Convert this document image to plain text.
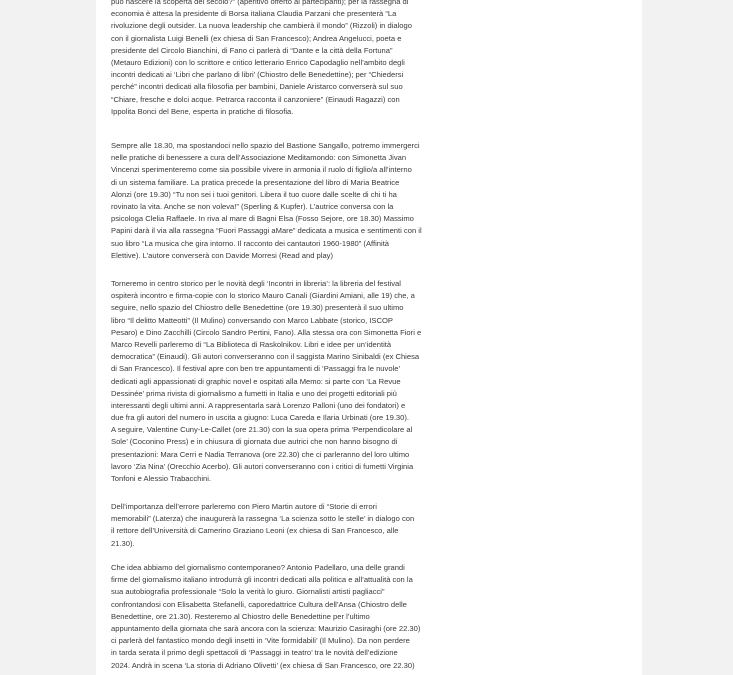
può nascere la scoperta del secolo?” (aperitivo offerto ai partecipanti); per la rassegna di
economia è attesa la presidente di Borsa italiana Claudia Parzani che presenterà “La
rivoluzione degli outsider. La nuova leadership che cambierà il mondo” (Rizzoli) in dialogo
con il giornalista Luigi Benelli (ex chiesa di San Francesco); Andrea Angelucci, poeta e
presidente del Circolo Bianchini, di Fano ci parlerà di “Dante e la città della Fortuna”
(Metauro Edizioni) con lo scrittore e critico letterario Enrico Capodaglio nell’ambito degli
incontri dedicati ai ‘Libri che parlano di libri’ (Chiostro delle Benedettine); per “Chiedersi
perché” incontri dedicati alla filosofia per bambini, Daniele Aristarco converserà sul suo
“Chiare, fresche e dolci acque. Petrarca racconta il canzoniere” (Einaudi Ragazzi) con
Ippolita Bonci del Bene, esperta in pratiche di filosofia.

Sempre alle 18.30, ma spostandoci nello spazio del Bastione Sangallo, potremo immergerci
nelle pratiche di benessere a cura dell’Associazione Meditamondo: con Simonetta Jivan
Vincenzi sperimenteremo come sia possibile vivere in armonia il ruolo di figlio/a all’interno
di un sistema familiare. La pratica precede la presentazione del libro di Maria Beatrice
Alonzi (ore 19.30) “Tu non sei i tuoi genitori. Libera il tuo cuore dalle scelte di chi ti ha
rovinato la vita. Anche se non voleva!” (Sperling & Kupfer). L’autrice conversa con la
psicologa Clelia Raffaele. In riva al mare di Bagni Elsa (Fosso Sejore, ore 18.30) Massimo
Papini darà il via alla rassegna “Fuori Passaggi aMare” dedicata a musica e sentimenti con il
suo libro “La musica che gira intorno. Il racconto dei cantautori 1960-1980” (Affinità
Elettive). L’autore converserà con Davide Morresi (Read and play)

Torneremo in centro storico per le novità degli ‘Incontri in libreria’: la libreria del festival
ospiterà incontro e firma-copie con lo storico Mauro Canali (Giardini Amiani, alle 19) che, a
seguire, nello spazio del Chiostro delle Benedettine (ore 19.30) presenterà il suo ultimo
libro “Il delitto Matteotti” (Il Mulino) conversando con Marco Labbate (storico, ISCOP
Pesaro) e Dino Zacchilli (Circolo Sandro Pertini, Fano). Alla stessa ora con Simonetta Fiori e
Marco Revelli parleremo di “La Biblioteca di Raskolnikov. Libri e idee per un’identità
democratica” (Einaudi). Gli autori converseranno con il saggista Marino Sinibaldi (ex Chiesa
di San Francesco). Il festival apre con ben tre appuntamenti di ‘Passaggi fra le nuvole’
dedicati agli appassionati di graphic novel e ospitati alla Memo: si parte con ‘La Revue
Dessinée’ prima rivista di giornalismo a fumetti in Italia e uno dei progetti editoriali più
interessanti degli ultimi anni. A rappresentarla sarà Lorenzo Palloni (uno dei fondatori) e
due fra gli autori del numero in uscita a giugno: Luca Careda e Ilaria Urbinati (ore 19.30).
A seguire, Valentine Cuny-Le-Callet (ore 21.30) con la sua opera prima ‘Perpendicolare al
Sole’ (Coconino Press) e in chiusura di giornata due autrici che non hanno bisogno di
presentazioni: Mara Cerri e Nadia Terranova (ore 22.30) che ci parleranno del loro ultimo
lavoro ‘Zia Nina’ (Orecchio Acerbo). Gli autori converseranno con i critici di fumetti Virginia
Tonfoni e Alessio Trabacchini.

Dell’importanza dell’errore parleremo con Piero Martin autore di “Storie di errori
memorabili” (Laterza) che inaugurerà la rassegna ‘La scienza sotto le stelle’ in dialogo con
il rettore dell’Università di Camerino Graziano Leoni (ex chiesa di San Francesco, alle
21.30).

Che idea abbiamo del giornalismo contemporaneo? Antonio Padellaro, una delle grandi
firme del giornalismo italiano introdurrà gli incontri dedicati alla politica e all’attualità con la
sua autobiografia professionale “Solo la verità lo giuro. Giornalisti artisti pagliacci”
confrontandosi con Elisabetta Stefanelli, caporedattrice Cultura dell’Ansa (Chiostro delle
Benedettine, ore 21.30). Resteremo al Chiostro delle Benedettine per l’ultimo
appuntamento della giornata che sarà ancora con la scienza: Maurizio Casiraghi (ore 22.30)
ci parlerà del fantastico mondo degli insetti in ‘Vite formidabili’ (Il Mulino). Da non perdere
in tarda serata il primo degli spettacoli di ‘Passaggi in teatro’ tra le novità dell’edizione
2024. Andrà in scena ‘La storia di Adriano Olivetti’ (ex chiesa di San Francesco, ore 22.30)
